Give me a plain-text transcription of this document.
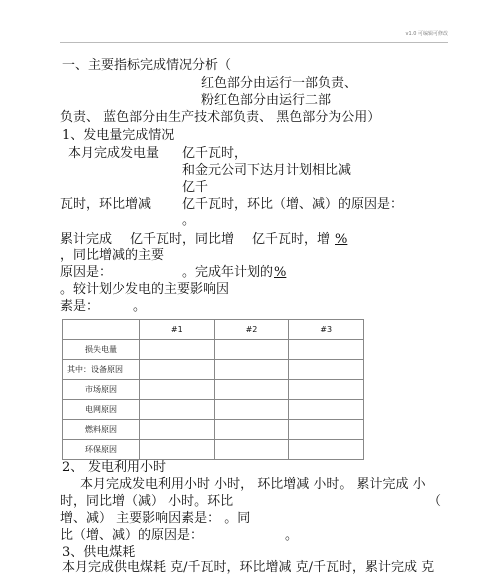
v1.0 可编辑可修改
一、主要指标完成情况分析（
红色部分由运行一部负责、
粉红色部分由运行二部
负责、 蓝色部分由生产技术部负责、 黑色部分为公用）
1、发电量完成情况
本月完成发电量 亿千瓦时，
和金元公司下达月计划相比减
亿千
瓦时，环比增减 亿千瓦时，环比（增、减）的原因是：
。
累计完成 亿千瓦时，同比增 亿千瓦时，增 %
，同比增减的主要
原因是：	。完成年计划的 %
。较计划少发电的主要影响因
素是：	。
	#1	#2	#3
损失电量			
其中：设备原因			
市场原因			
电网原因			
燃料原因			
环保原因			
2、 发电利用小时
本月完成发电利用小时 小时， 环比增减 小时。 累计完成 小
时，同比增（减） 小时。环比	（
增、减） 主要影响因素是： 。同
比（增、减）的原因是：	。
3、供电煤耗
本月完成供电煤耗 克/千瓦时，环比增减 克/千瓦时，累计完成 克
